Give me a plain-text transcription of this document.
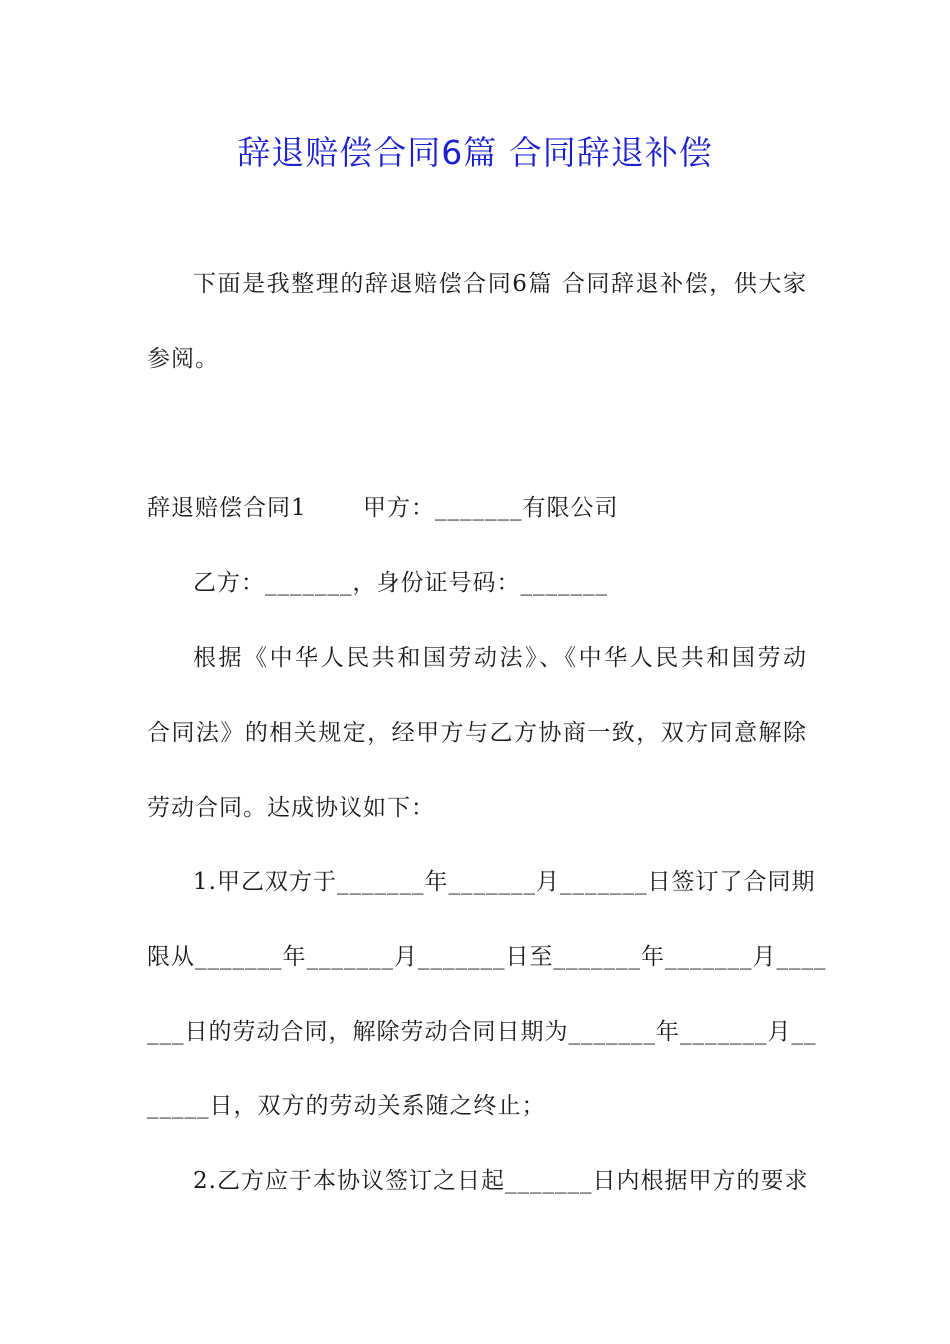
辞退赔偿合同6篇 合同辞退补偿
下面是我整理的辞退赔偿合同6篇 合同辞退补偿，供大家
参阅。
辞退赔偿合同1 　　甲方：_______有限公司
乙方：_______，身份证号码：_______
根据《中华人民共和国劳动法》、《中华人民共和国劳动
合同法》的相关规定，经甲方与乙方协商一致，双方同意解除
劳动合同。达成协议如下：
1.甲乙双方于_______年_______月_______日签订了合同期
限从_______年_______月_______日至_______年_______月____
___日的劳动合同，解除劳动合同日期为_______年_______月__
_____日，双方的劳动关系随之终止；
2.乙方应于本协议签订之日起_______日内根据甲方的要求
